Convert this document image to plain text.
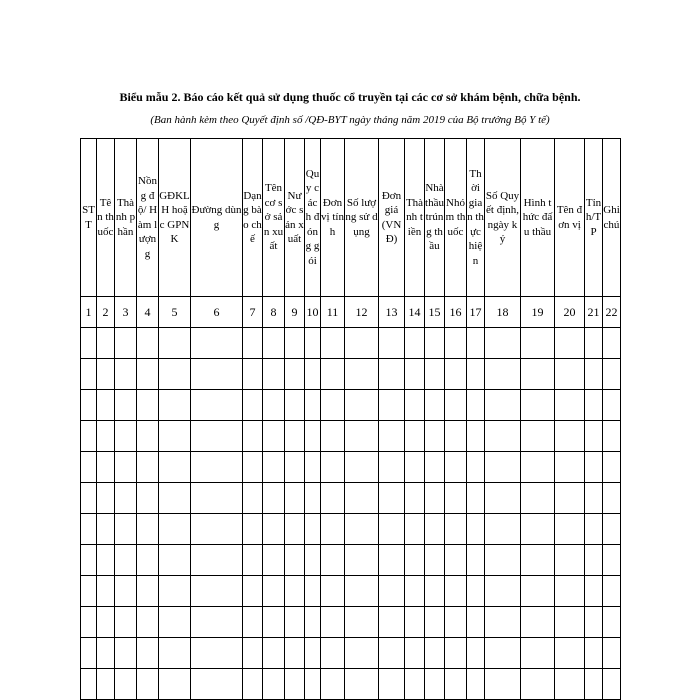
Biểu mẫu 2. Báo cáo kết quả sử dụng thuốc cổ truyền tại các cơ sở khám bệnh, chữa bệnh.
(Ban hành kèm theo Quyết định số /QĐ-BYT ngày tháng năm 2019 của Bộ trưởng Bộ Y tế)
STT	Tên thuốc	Thành phần	Nồng độ/ Hàm lượng	GĐKLH hoặc GPNK	Đường dùng	Dạng bào chế	Tên cơ sở sản xuất	Nước sản xuất	Quy cách đóng gói	Đơn vị tính	Số lượng sử dụng	Đơn giá (VNĐ)	Thành tiền	Nhà thầu trúng thầu	Nhóm thuốc	Thời gian thực hiện	Số Quyết định, ngày ký	Hình thức đấu thầu	Tên đơn vị	Tỉnh/TP	Ghi chú
1	2	3	4	5	6	7	8	9	10	11	12	13	14	15	16	17	18	19	20	21	22
